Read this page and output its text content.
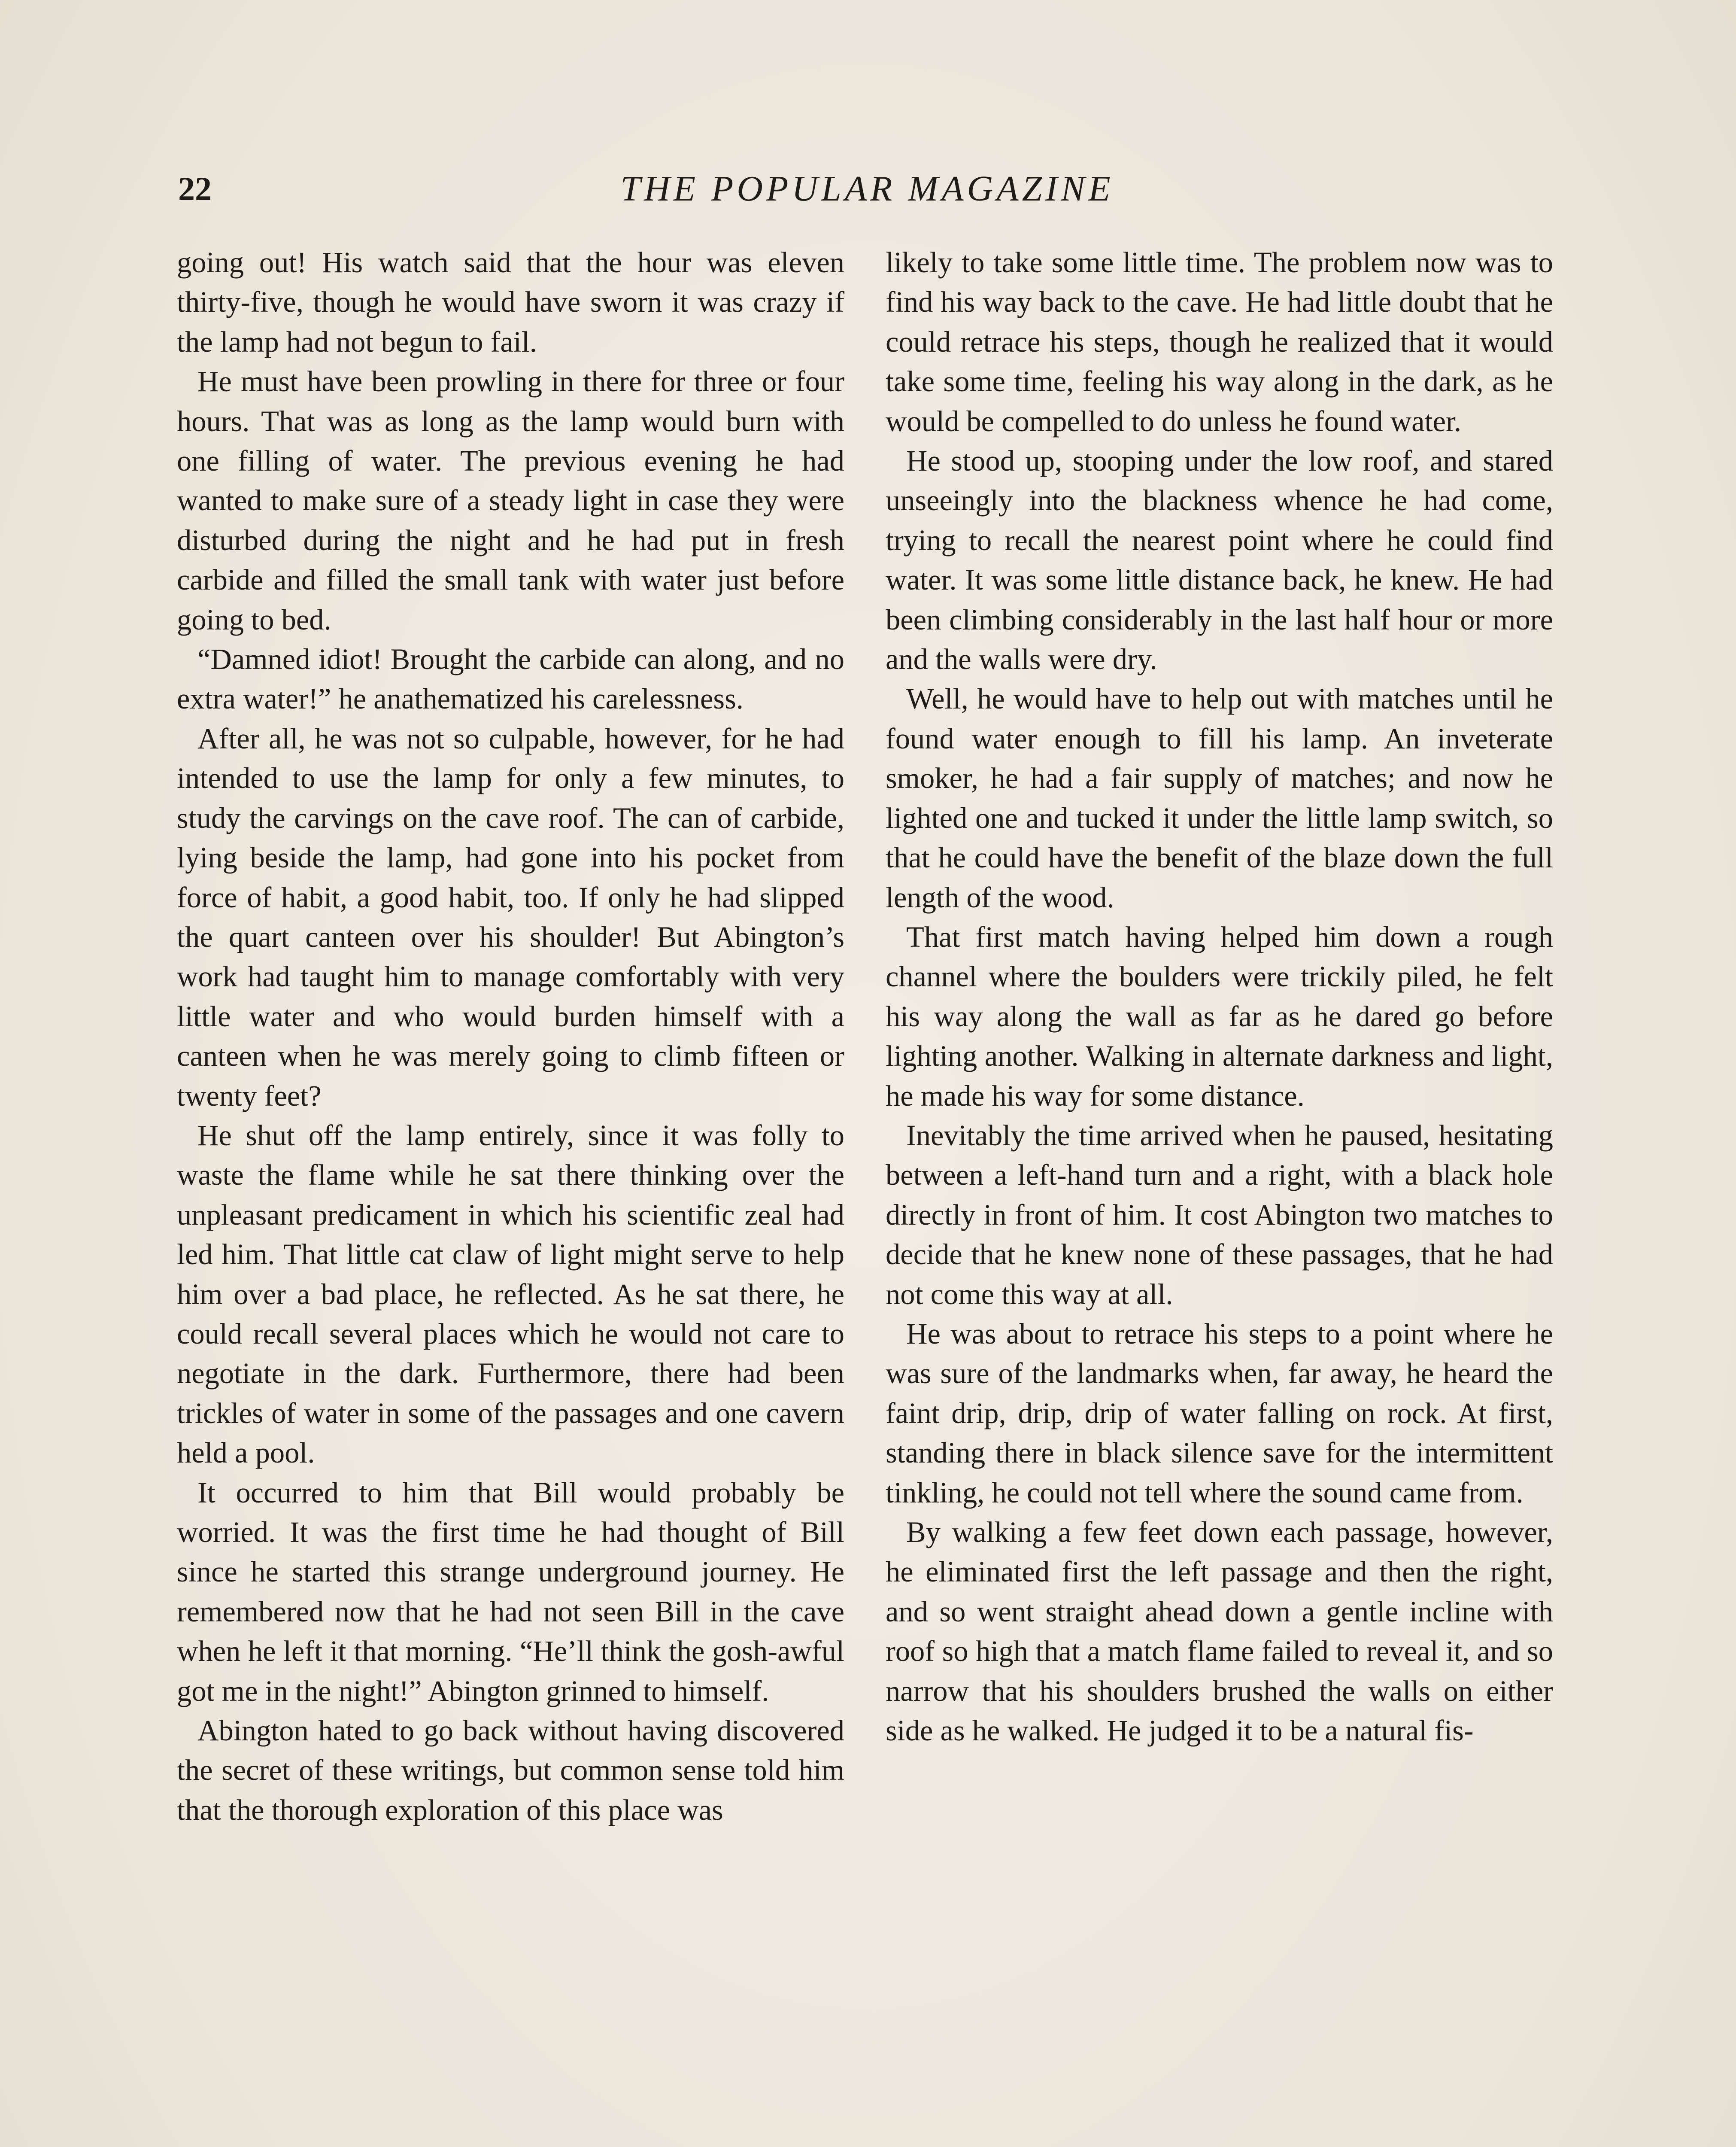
22	THE POPULAR MAGAZINE

going out! His watch said that the hour was eleven thirty-five, though he would have sworn it was crazy if the lamp had not begun to fail.

He must have been prowling in there for three or four hours. That was as long as the lamp would burn with one filling of water. The previous evening he had wanted to make sure of a steady light in case they were disturbed during the night and he had put in fresh carbide and filled the small tank with water just before going to bed.

“Damned idiot! Brought the carbide can along, and no extra water!” he anathematized his carelessness.

After all, he was not so culpable, however, for he had intended to use the lamp for only a few minutes, to study the carvings on the cave roof. The can of carbide, lying beside the lamp, had gone into his pocket from force of habit, a good habit, too. If only he had slipped the quart canteen over his shoulder! But Abington’s work had taught him to manage comfortably with very little water and who would burden himself with a canteen when he was merely going to climb fifteen or twenty feet?

He shut off the lamp entirely, since it was folly to waste the flame while he sat there thinking over the unpleasant predicament in which his scientific zeal had led him. That little cat claw of light might serve to help him over a bad place, he reflected. As he sat there, he could recall several places which he would not care to negotiate in the dark. Furthermore, there had been trickles of water in some of the passages and one cavern held a pool.

It occurred to him that Bill would probably be worried. It was the first time he had thought of Bill since he started this strange underground journey. He remembered now that he had not seen Bill in the cave when he left it that morning. “He’ll think the gosh-awful got me in the night!” Abington grinned to himself.

Abington hated to go back without having discovered the secret of these writings, but common sense told him that the thorough exploration of this place was

likely to take some little time. The problem now was to find his way back to the cave. He had little doubt that he could retrace his steps, though he realized that it would take some time, feeling his way along in the dark, as he would be compelled to do unless he found water.

He stood up, stooping under the low roof, and stared unseeingly into the blackness whence he had come, trying to recall the nearest point where he could find water. It was some little distance back, he knew. He had been climbing considerably in the last half hour or more and the walls were dry.

Well, he would have to help out with matches until he found water enough to fill his lamp. An inveterate smoker, he had a fair supply of matches; and now he lighted one and tucked it under the little lamp switch, so that he could have the benefit of the blaze down the full length of the wood.

That first match having helped him down a rough channel where the boulders were trickily piled, he felt his way along the wall as far as he dared go before lighting another. Walking in alternate darkness and light, he made his way for some distance.

Inevitably the time arrived when he paused, hesitating between a left-hand turn and a right, with a black hole directly in front of him. It cost Abington two matches to decide that he knew none of these passages, that he had not come this way at all.

He was about to retrace his steps to a point where he was sure of the landmarks when, far away, he heard the faint drip, drip, drip of water falling on rock. At first, standing there in black silence save for the intermittent tinkling, he could not tell where the sound came from.

By walking a few feet down each passage, however, he eliminated first the left passage and then the right, and so went straight ahead down a gentle incline with roof so high that a match flame failed to reveal it, and so narrow that his shoulders brushed the walls on either side as he walked. He judged it to be a natural fis-
